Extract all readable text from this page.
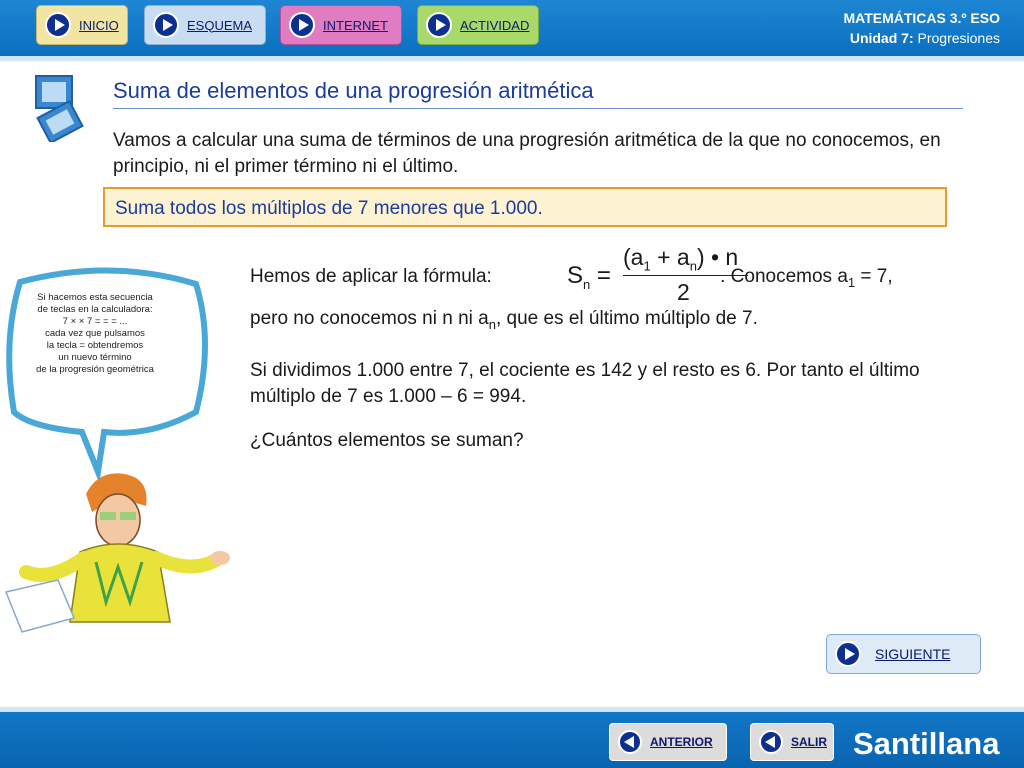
INICIO	ESQUEMA	INTERNET	ACTIVIDAD	MATEMÁTICAS 3.º ESO
Unidad 7: Progresiones
Suma de elementos de una progresión aritmética
Vamos a calcular una suma de términos de una progresión aritmética de la que no conocemos, en principio, ni el primer término ni el último.
Suma todos los múltiplos de 7 menores que 1.000.
Hemos de aplicar la fórmula:	. Conocemos $a_1 = 7$,
$S_n$ =
$(a_1 + a_n)$ • n
2
pero no conocemos ni n ni $a_n$, que es el último múltiplo de 7.
Si dividimos 1.000 entre 7, el cociente es 142 y el resto es 6. Por tanto el último múltiplo de 7 es 1.000 – 6 = 994.
¿Cuántos elementos se suman?
Si hacemos esta secuencia
de teclas en la calculadora:
7 × × 7 = = = ...
cada vez que pulsamos
la tecla = obtendremos
un nuevo término
de la progresión geométrica
SIGUIENTE
ANTERIOR	SALIR Santillana
